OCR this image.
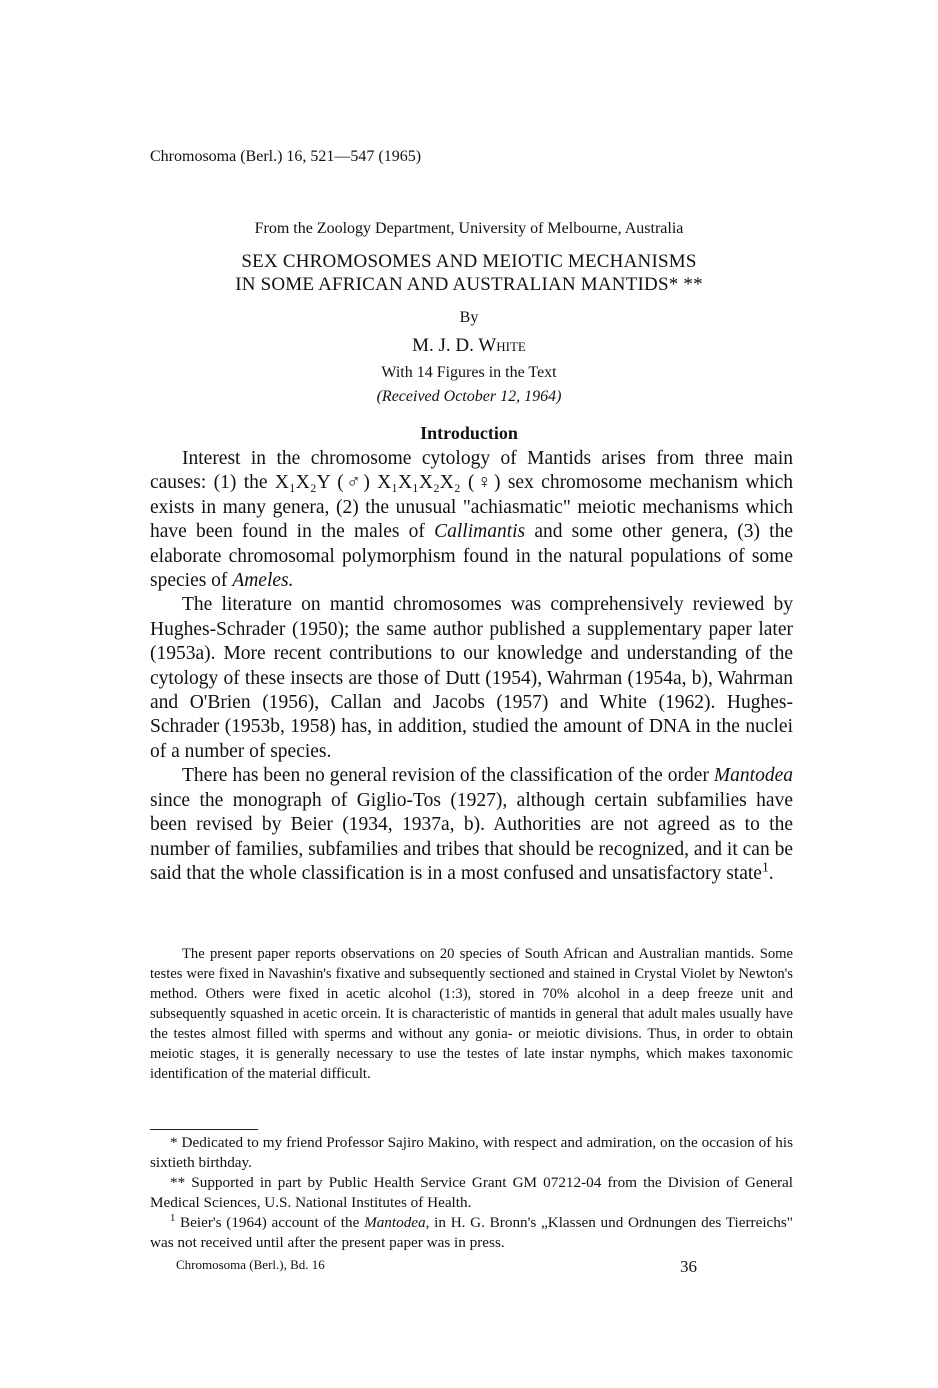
Chromosoma (Berl.) 16, 521—547 (1965)
From the Zoology Department, University of Melbourne, Australia
SEX CHROMOSOMES AND MEIOTIC MECHANISMS
IN SOME AFRICAN AND AUSTRALIAN MANTIDS* **
By
M. J. D. White
With 14 Figures in the Text
(Received October 12, 1964)
Introduction

Interest in the chromosome cytology of Mantids arises from three main causes: (1) the X₁X₂Y (♂) X₁X₁X₂X₂ (♀) sex chromosome mechanism which exists in many genera, (2) the unusual "achiasmatic" meiotic mechanisms which have been found in the males of Callimantis and some other genera, (3) the elaborate chromosomal polymorphism found in the natural populations of some species of Ameles.

The literature on mantid chromosomes was comprehensively reviewed by Hughes-Schrader (1950); the same author published a supplementary paper later (1953a). More recent contributions to our knowledge and understanding of the cytology of these insects are those of Dutt (1954), Wahrman (1954a, b), Wahrman and O'Brien (1956), Callan and Jacobs (1957) and White (1962). Hughes-Schrader (1953b, 1958) has, in addition, studied the amount of DNA in the nuclei of a number of species.

There has been no general revision of the classification of the order Mantodea since the monograph of Giglio-Tos (1927), although certain subfamilies have been revised by Beier (1934, 1937a, b). Authorities are not agreed as to the number of families, subfamilies and tribes that should be recognized, and it can be said that the whole classification is in a most confused and unsatisfactory state$^1$.

The present paper reports observations on 20 species of South African and Australian mantids. Some testes were fixed in Navashin's fixative and subsequently sectioned and stained in Crystal Violet by Newton's method. Others were fixed in acetic alcohol (1:3), stored in 70% alcohol in a deep freeze unit and subsequently squashed in acetic orcein. It is characteristic of mantids in general that adult males usually have the testes almost filled with sperms and without any gonia- or meiotic divisions. Thus, in order to obtain meiotic stages, it is generally necessary to use the testes of late instar nymphs, which makes taxonomic identification of the material difficult.

* Dedicated to my friend Professor Sajiro Makino, with respect and admiration, on the occasion of his sixtieth birthday.

** Supported in part by Public Health Service Grant GM 07212-04 from the Division of General Medical Sciences, U.S. National Institutes of Health.

$^1$ Beier's (1964) account of the Mantodea, in H. G. Bronn's „Klassen und Ordnungen des Tierreichs" was not received until after the present paper was in press.

Chromosoma (Berl.), Bd. 16	36
